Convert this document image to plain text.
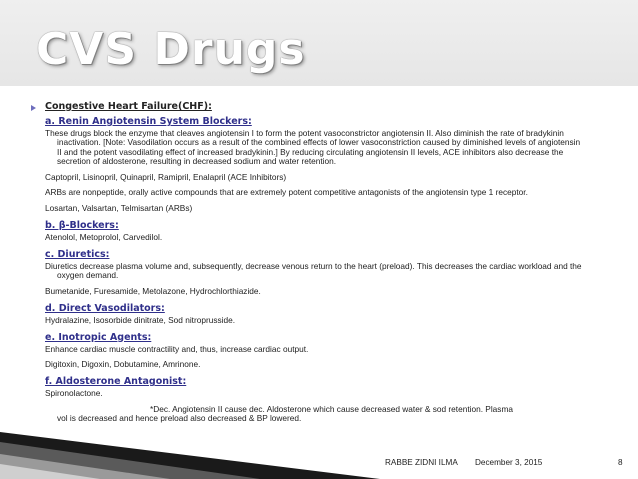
CVS Drugs
Congestive Heart Failure(CHF):
a. Renin Angiotensin System Blockers:

These drugs block the enzyme that cleaves angiotensin I to form the potent vasoconstrictor angiotensin II. Also diminish the rate of bradykinin inactivation. [Note: Vasodilation occurs as a result of the combined effects of lower vasoconstriction caused by diminished levels of angiotensin II and the potent vasodilating effect of increased bradykinin.] By reducing circulating angiotensin II levels, ACE inhibitors also decrease the secretion of aldosterone, resulting in decreased sodium and water retention.

Captopril, Lisinopril, Quinapril, Ramipril, Enalapril (ACE Inhibitors)

ARBs are nonpeptide, orally active compounds that are extremely potent competitive antagonists of the angiotensin type 1 receptor.

Losartan, Valsartan, Telmisartan (ARBs)

b. β-Blockers:

Atenolol, Metoprolol, Carvedilol.

c. Diuretics:

Diuretics decrease plasma volume and, subsequently, decrease venous return to the heart (preload). This decreases the cardiac workload and the oxygen demand.

Bumetanide, Furesamide, Metolazone, Hydrochlorthiazide.

d. Direct Vasodilators:

Hydralazine, Isosorbide dinitrate, Sod nitroprusside.

e. Inotropic Agents:

Enhance cardiac muscle contractility and, thus, increase cardiac output.

Digitoxin, Digoxin, Dobutamine, Amrinone.

f. Aldosterone Antagonist:

Spironolactone.

*Dec. Angiotensin II cause dec. Aldosterone which cause decreased water & sod retention. Plasma

vol is decreased and hence preload also decreased & BP lowered.

RABBE ZIDNI ILMA December 3, 2015	8
